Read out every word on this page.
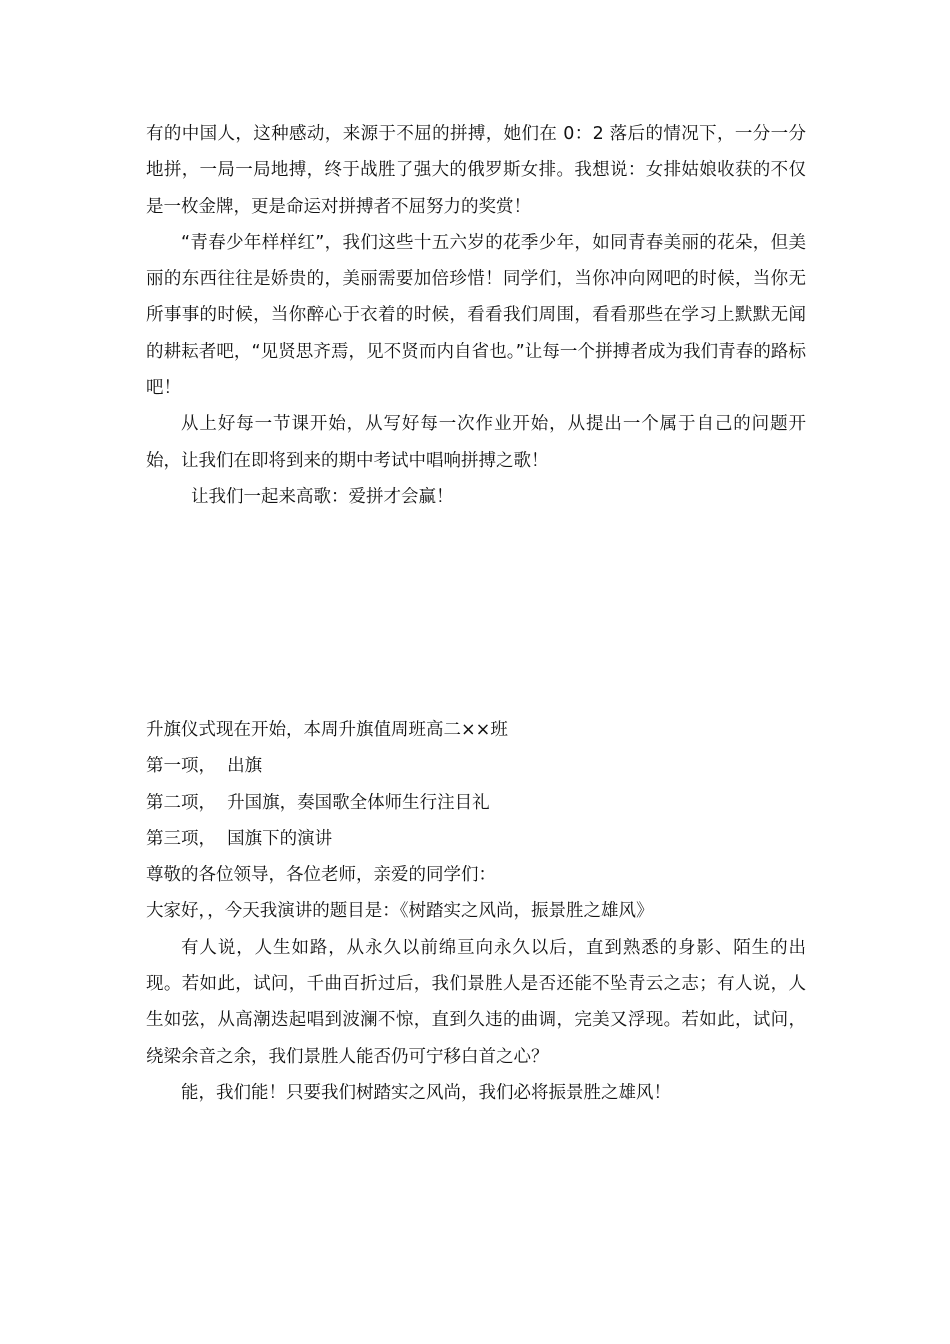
有的中国人，这种感动，来源于不屈的拼搏，她们在 0：2 落后的情况下，一分一分地拼，一局一局地搏，终于战胜了强大的俄罗斯女排。我想说：女排姑娘收获的不仅是一枚金牌，更是命运对拼搏者不屈努力的奖赏！

“青春少年样样红”，我们这些十五六岁的花季少年，如同青春美丽的花朵，但美丽的东西往往是娇贵的，美丽需要加倍珍惜！同学们，当你冲向网吧的时候，当你无所事事的时候，当你醉心于衣着的时候，看看我们周围，看看那些在学习上默默无闻的耕耘者吧，“见贤思齐焉，见不贤而内自省也。”让每一个拼搏者成为我们青春的路标吧！

从上好每一节课开始，从写好每一次作业开始，从提出一个属于自己的问题开始，让我们在即将到来的期中考试中唱响拼搏之歌！

让我们一起来高歌：爱拼才会赢！

升旗仪式现在开始，本周升旗值周班高二××班

第一项，  出旗

第二项，  升国旗，奏国歌全体师生行注目礼

第三项，  国旗下的演讲

尊敬的各位领导，各位老师，亲爱的同学们：

大家好，，今天我演讲的题目是：《树踏实之风尚，振景胜之雄风》

有人说，人生如路，从永久以前绵亘向永久以后，直到熟悉的身影、陌生的出现。若如此，试问，千曲百折过后，我们景胜人是否还能不坠青云之志；有人说，人生如弦，从高潮迭起唱到波澜不惊，直到久违的曲调，完美又浮现。若如此，试问，绕梁余音之余，我们景胜人能否仍可宁移白首之心？

能，我们能！只要我们树踏实之风尚，我们必将振景胜之雄风！
